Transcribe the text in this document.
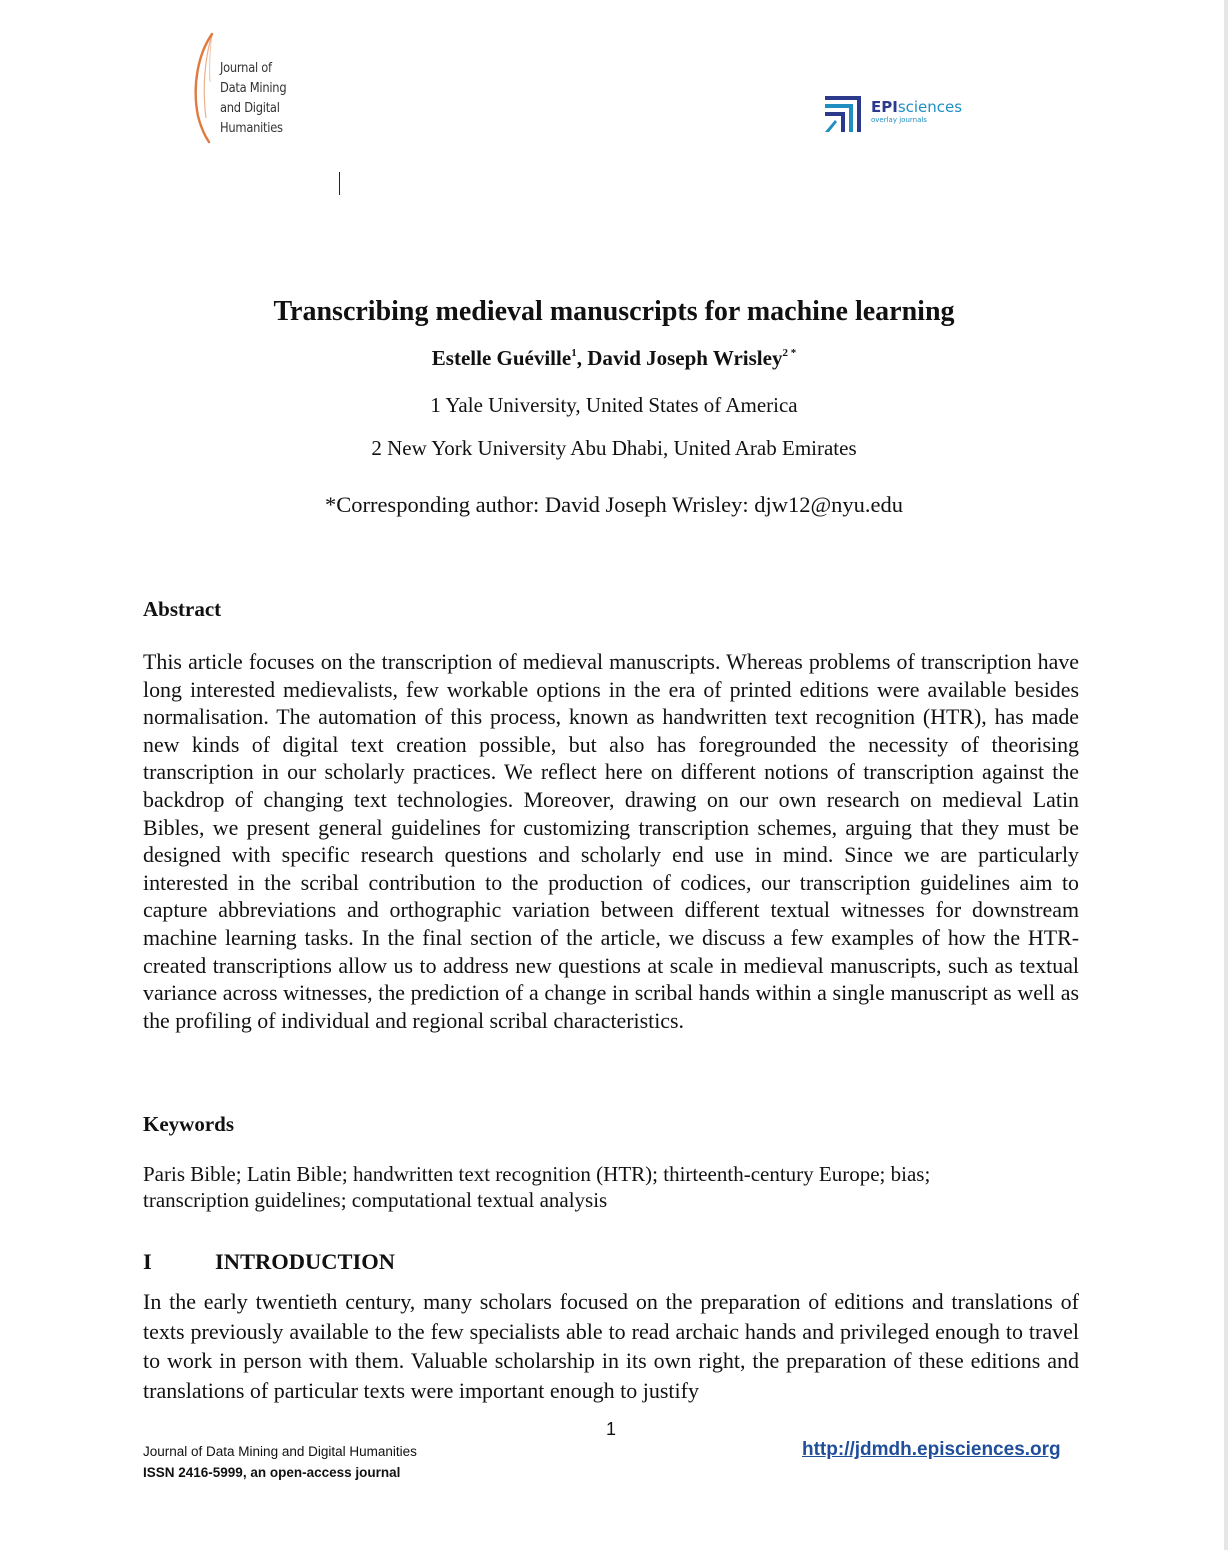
Journal of
Data Mining
and Digital
Humanities
EPIsciences
overlay journals
Transcribing medieval manuscripts for machine learning
Estelle Guéville$^1$, David Joseph Wrisley$^{2 *}$
1 Yale University, United States of America
2 New York University Abu Dhabi, United Arab Emirates
*Corresponding author: David Joseph Wrisley: djw12@nyu.edu
Abstract
This article focuses on the transcription of medieval manuscripts. Whereas problems of transcription have long interested medievalists, few workable options in the era of printed editions were available besides normalisation. The automation of this process, known as handwritten text recognition (HTR), has made new kinds of digital text creation possible, but also has foregrounded the necessity of theorising transcription in our scholarly practices. We reflect here on different notions of transcription against the backdrop of changing text technologies. Moreover, drawing on our own research on medieval Latin Bibles, we present general guidelines for customizing transcription schemes, arguing that they must be designed with specific research questions and scholarly end use in mind. Since we are particularly interested in the scribal contribution to the production of codices, our transcription guidelines aim to capture abbreviations and orthographic variation between different textual witnesses for downstream machine learning tasks. In the final section of the article, we discuss a few examples of how the HTR-created transcriptions allow us to address new questions at scale in medieval manuscripts, such as textual variance across witnesses, the prediction of a change in scribal hands within a single manuscript as well as the profiling of individual and regional scribal characteristics.
Keywords
Paris Bible; Latin Bible; handwritten text recognition (HTR); thirteenth-century Europe; bias;
transcription guidelines; computational textual analysis
I	INTRODUCTION
In the early twentieth century, many scholars focused on the preparation of editions and translations of texts previously available to the few specialists able to read archaic hands and privileged enough to travel to work in person with them. Valuable scholarship in its own right, the preparation of these editions and translations of particular texts were important enough to justify
1
Journal of Data Mining and Digital Humanities
ISSN 2416-5999, an open-access journal
http://jdmdh.episciences.org
